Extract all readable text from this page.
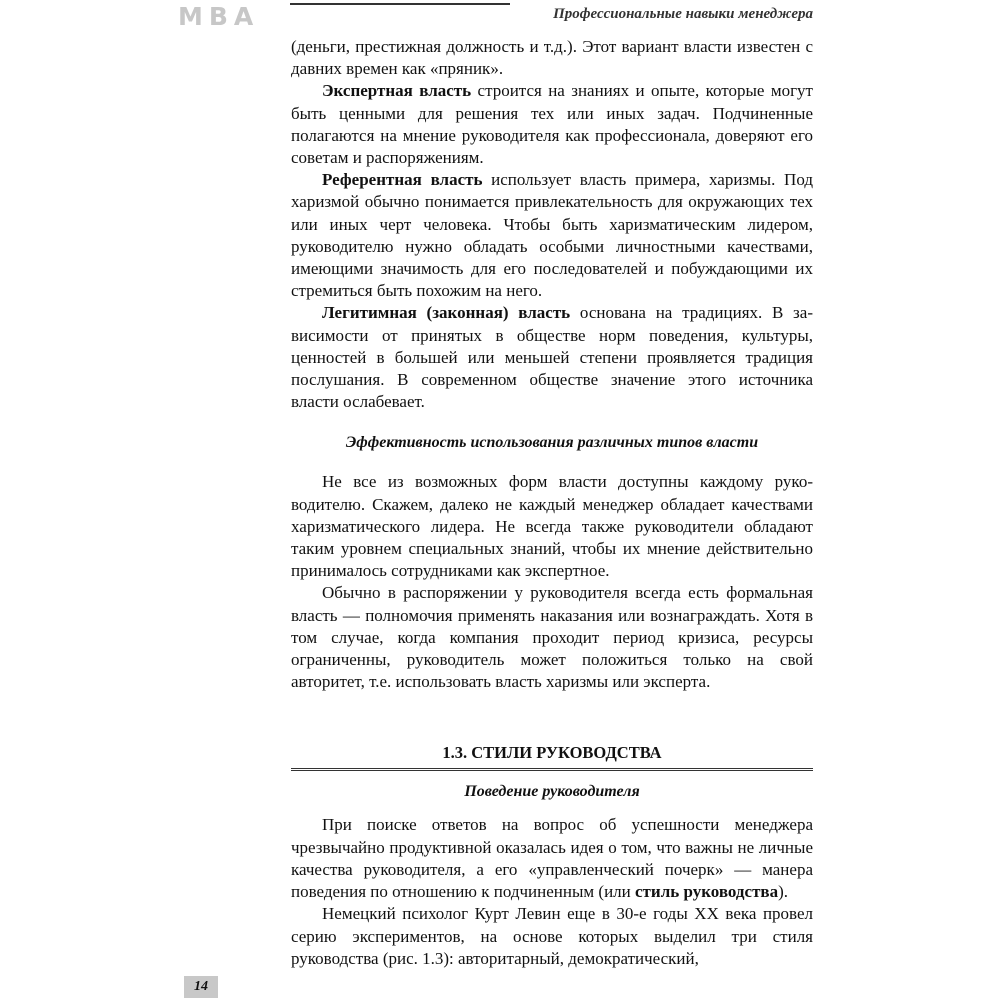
MBA	Профессиональные навыки менеджера

(деньги, престижная должность и т.д.). Этот вариант власти известен с давних времен как «пряник».

Экспертная власть строится на знаниях и опыте, которые могут быть ценными для решения тех или иных задач. Подчиненные полагаются на мнение руководителя как профессионала, доверяют его советам и распоряжениям.

Референтная власть использует власть примера, харизмы. Под харизмой обычно понимается привлекательность для окружающих тех или иных черт человека. Чтобы быть харизматическим лидером, руководителю нужно обладать особыми личностными качествами, имеющими значимость для его последователей и побуждающими их стремиться быть похожим на него.

Легитимная (законная) власть основана на традициях. В зависимости от принятых в обществе норм поведения, культуры, ценностей в большей или меньшей степени проявляется традиция послушания. В современном обществе значение этого источника власти ослабевает.

Эффективность использования различных типов власти

Не все из возможных форм власти доступны каждому руководителю. Скажем, далеко не каждый менеджер обладает качествами харизматического лидера. Не всегда также руководители обладают таким уровнем специальных знаний, чтобы их мнение действительно принималось сотрудниками как экспертное.

Обычно в распоряжении у руководителя всегда есть формальная власть — полномочия применять наказания или вознаграждать. Хотя в том случае, когда компания проходит период кризиса, ресурсы ограниченны, руководитель может положиться только на свой авторитет, т.е. использовать власть харизмы или эксперта.

1.3. СТИЛИ РУКОВОДСТВА
Поведение руководителя

При поиске ответов на вопрос об успешности менеджера чрезвычайно продуктивной оказалась идея о том, что важны не личные качества руководителя, а его «управленческий почерк» — манера поведения по отношению к подчиненным (или стиль руководства).

Немецкий психолог Курт Левин еще в 30-е годы XX века провел серию экспериментов, на основе которых выделил три стиля руководства (рис. 1.3): авторитарный, демократический,

14
